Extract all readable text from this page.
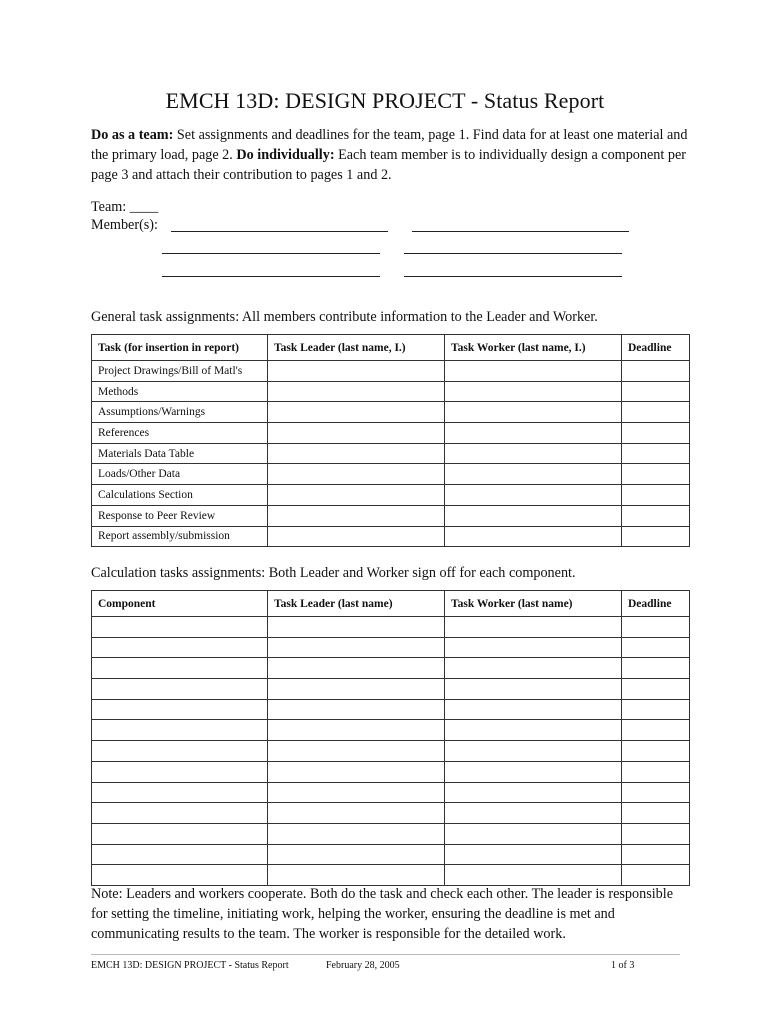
EMCH 13D: DESIGN PROJECT - Status Report
Do as a team: Set assignments and deadlines for the team, page 1. Find data for at least one material and the primary load, page 2. Do individually: Each team member is to individually design a component per page 3 and attach their contribution to pages 1 and 2.
Team: ____
Member(s):
General task assignments: All members contribute information to the Leader and Worker.
Task (for insertion in report)	Task Leader (last name, I.)	Task Worker (last name, I.)	Deadline
Project Drawings/Bill of Matl's			
Methods			
Assumptions/Warnings			
References			
Materials Data Table			
Loads/Other Data			
Calculations Section			
Response to Peer Review			
Report assembly/submission			
Calculation tasks assignments: Both Leader and Worker sign off for each component.
Component	Task Leader (last name)	Task Worker (last name)	Deadline

Note: Leaders and workers cooperate. Both do the task and check each other. The leader is responsible for setting the timeline, initiating work, helping the worker, ensuring the deadline is met and communicating results to the team. The worker is responsible for the detailed work.
EMCH 13D: DESIGN PROJECT - Status Report	February 28, 2005	1 of 3
